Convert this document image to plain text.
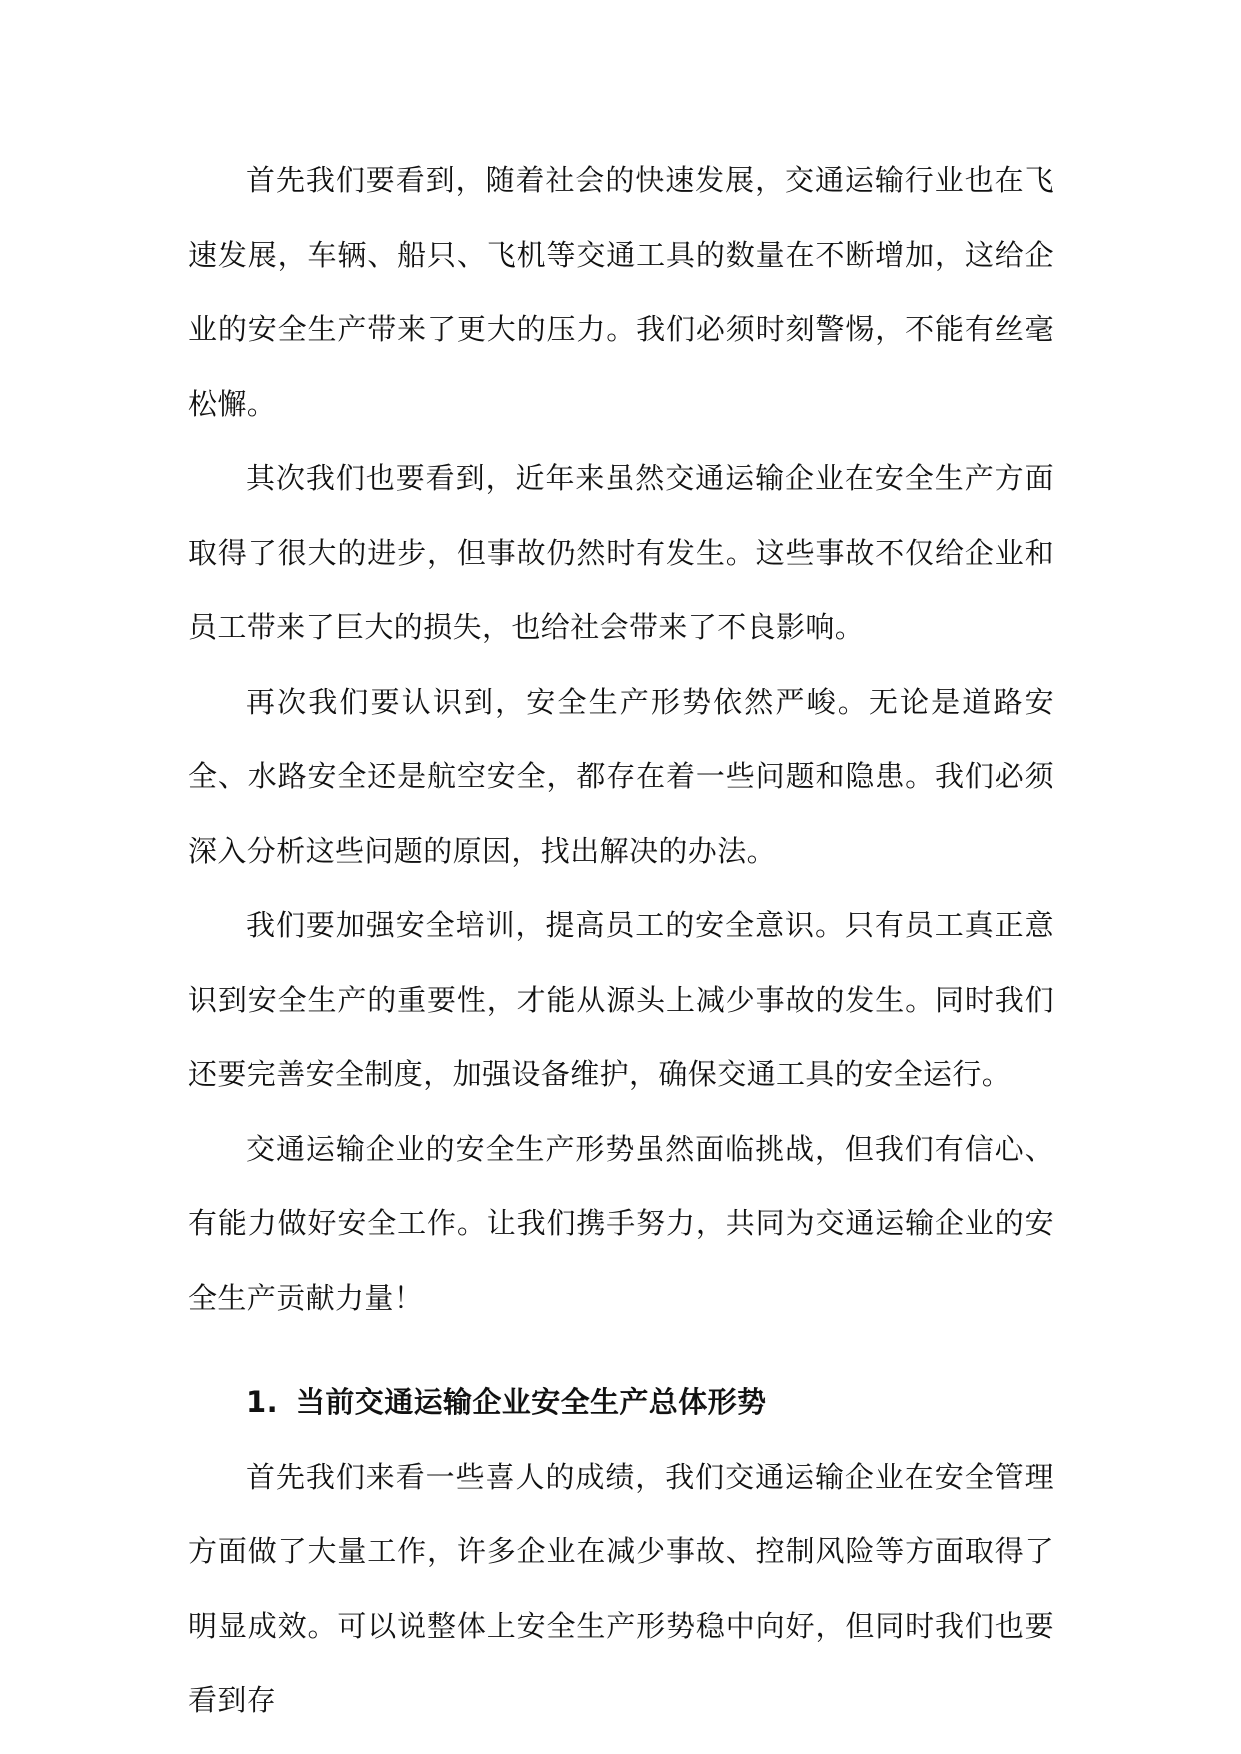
首先我们要看到，随着社会的快速发展，交通运输行业也在飞速发展，车辆、船只、飞机等交通工具的数量在不断增加，这给企业的安全生产带来了更大的压力。我们必须时刻警惕，不能有丝毫松懈。

其次我们也要看到，近年来虽然交通运输企业在安全生产方面取得了很大的进步，但事故仍然时有发生。这些事故不仅给企业和员工带来了巨大的损失，也给社会带来了不良影响。

再次我们要认识到，安全生产形势依然严峻。无论是道路安全、水路安全还是航空安全，都存在着一些问题和隐患。我们必须深入分析这些问题的原因，找出解决的办法。

我们要加强安全培训，提高员工的安全意识。只有员工真正意识到安全生产的重要性，才能从源头上减少事故的发生。同时我们还要完善安全制度，加强设备维护，确保交通工具的安全运行。

交通运输企业的安全生产形势虽然面临挑战，但我们有信心、有能力做好安全工作。让我们携手努力，共同为交通运输企业的安全生产贡献力量！

1. 当前交通运输企业安全生产总体形势

首先我们来看一些喜人的成绩，我们交通运输企业在安全管理方面做了大量工作，许多企业在减少事故、控制风险等方面取得了明显成效。可以说整体上安全生产形势稳中向好，但同时我们也要看到存
